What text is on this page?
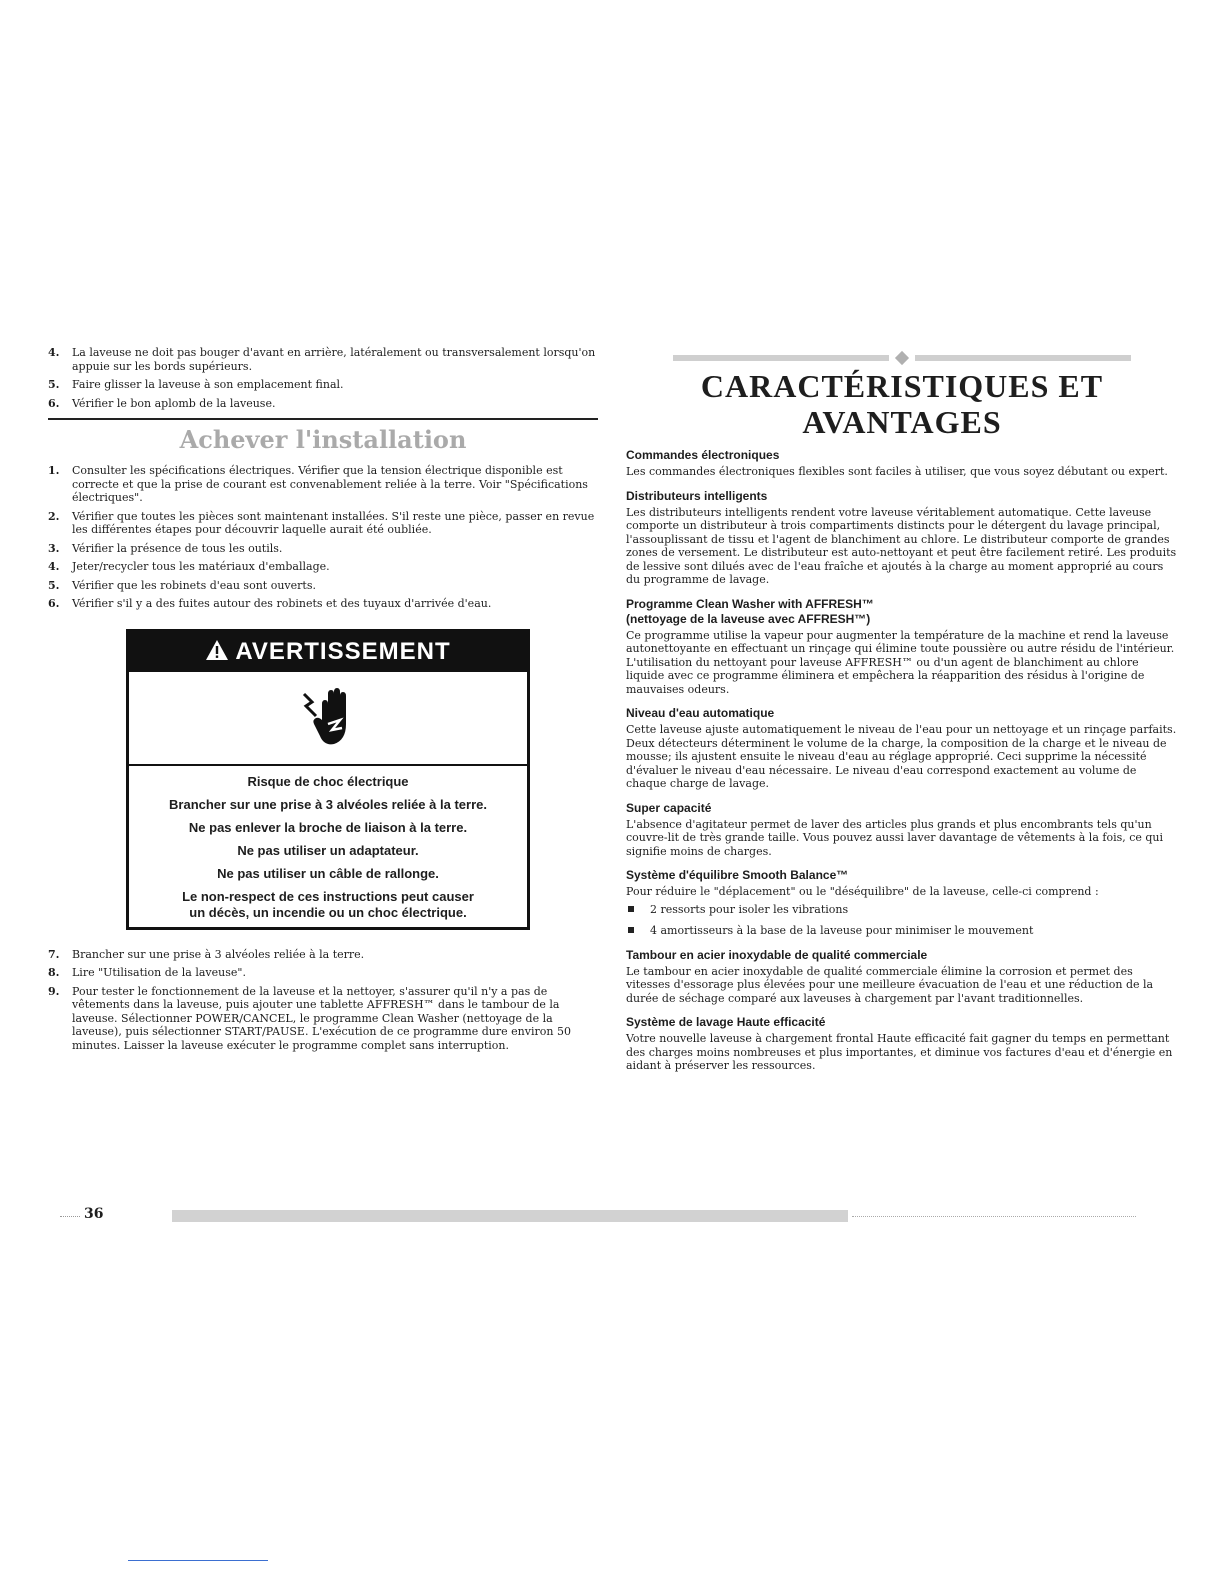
4. La laveuse ne doit pas bouger d'avant en arrière, latéralement ou transversalement lorsqu'on appuie sur les bords supérieurs.
5. Faire glisser la laveuse à son emplacement final.
6. Vérifier le bon aplomb de la laveuse.
Achever l'installation
1. Consulter les spécifications électriques. Vérifier que la tension électrique disponible est correcte et que la prise de courant est convenablement reliée à la terre. Voir "Spécifications électriques".
2. Vérifier que toutes les pièces sont maintenant installées. S'il reste une pièce, passer en revue les différentes étapes pour découvrir laquelle aurait été oubliée.
3. Vérifier la présence de tous les outils.
4. Jeter/recycler tous les matériaux d'emballage.
5. Vérifier que les robinets d'eau sont ouverts.
6. Vérifier s'il y a des fuites autour des robinets et des tuyaux d'arrivée d'eau.
AVERTISSEMENT

Risque de choc électrique

Brancher sur une prise à 3 alvéoles reliée à la terre.

Ne pas enlever la broche de liaison à la terre.

Ne pas utiliser un adaptateur.

Ne pas utiliser un câble de rallonge.

Le non-respect de ces instructions peut causer
un décès, un incendie ou un choc électrique.

7. Brancher sur une prise à 3 alvéoles reliée à la terre.
8. Lire "Utilisation de la laveuse".
9. Pour tester le fonctionnement de la laveuse et la nettoyer, s'assurer qu'il n'y a pas de vêtements dans la laveuse, puis ajouter une tablette AFFRESH™ dans le tambour de la laveuse. Sélectionner POWER/CANCEL, le programme Clean Washer (nettoyage de la laveuse), puis sélectionner START/PAUSE. L'exécution de ce programme dure environ 50 minutes. Laisser la laveuse exécuter le programme complet sans interruption.
CARACTÉRISTIQUES ET AVANTAGES
Commandes électroniques

Les commandes électroniques flexibles sont faciles à utiliser, que vous soyez débutant ou expert.

Distributeurs intelligents

Les distributeurs intelligents rendent votre laveuse véritablement automatique. Cette laveuse comporte un distributeur à trois compartiments distincts pour le détergent du lavage principal, l'assouplissant de tissu et l'agent de blanchiment au chlore. Le distributeur comporte de grandes zones de versement. Le distributeur est auto-nettoyant et peut être facilement retiré. Les produits de lessive sont dilués avec de l'eau fraîche et ajoutés à la charge au moment approprié au cours du programme de lavage.

Programme Clean Washer with AFFRESH™
(nettoyage de la laveuse avec AFFRESH™)

Ce programme utilise la vapeur pour augmenter la température de la machine et rend la laveuse autonettoyante en effectuant un rinçage qui élimine toute poussière ou autre résidu de l'intérieur. L'utilisation du nettoyant pour laveuse AFFRESH™ ou d'un agent de blanchiment au chlore liquide avec ce programme éliminera et empêchera la réapparition des résidus à l'origine de mauvaises odeurs.

Niveau d'eau automatique

Cette laveuse ajuste automatiquement le niveau de l'eau pour un nettoyage et un rinçage parfaits. Deux détecteurs déterminent le volume de la charge, la composition de la charge et le niveau de mousse; ils ajustent ensuite le niveau d'eau au réglage approprié. Ceci supprime la nécessité d'évaluer le niveau d'eau nécessaire. Le niveau d'eau correspond exactement au volume de chaque charge de lavage.

Super capacité

L'absence d'agitateur permet de laver des articles plus grands et plus encombrants tels qu'un couvre-lit de très grande taille. Vous pouvez aussi laver davantage de vêtements à la fois, ce qui signifie moins de charges.

Système d'équilibre Smooth Balance™

Pour réduire le "déplacement" ou le "déséquilibre" de la laveuse, celle-ci comprend :

2 ressorts pour isoler les vibrations
4 amortisseurs à la base de la laveuse pour minimiser le mouvement
Tambour en acier inoxydable de qualité commerciale

Le tambour en acier inoxydable de qualité commerciale élimine la corrosion et permet des vitesses d'essorage plus élevées pour une meilleure évacuation de l'eau et une réduction de la durée de séchage comparé aux laveuses à chargement par l'avant traditionnelles.

Système de lavage Haute efficacité

Votre nouvelle laveuse à chargement frontal Haute efficacité fait gagner du temps en permettant des charges moins nombreuses et plus importantes, et diminue vos factures d'eau et d'énergie en aidant à préserver les ressources.

36
